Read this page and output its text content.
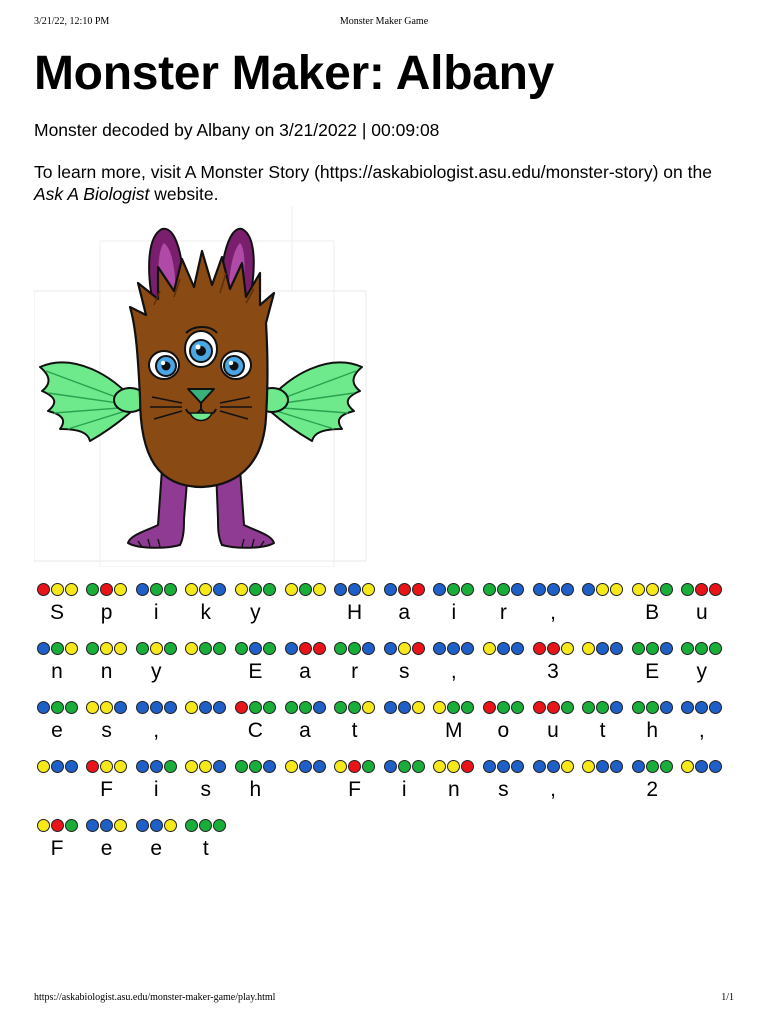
3/21/22, 12:10 PM	Monster Maker Game
Monster Maker: Albany

Monster decoded by Albany on 3/21/2022 | 00:09:08

To learn more, visit A Monster Story (https://askabiologist.asu.edu/monster-story) on the Ask A Biologist website.

S	p	i	k	y	H	a	i	r	,	B	u
n	n	y	E	a	r	s	,	3	E	y
e	s	,	C	a	t	M	o	u	t	h	,
F	i	s	h	F	i	n	s	,	2
F	e	e	t
https://askabiologist.asu.edu/monster-maker-game/play.html	1/1
